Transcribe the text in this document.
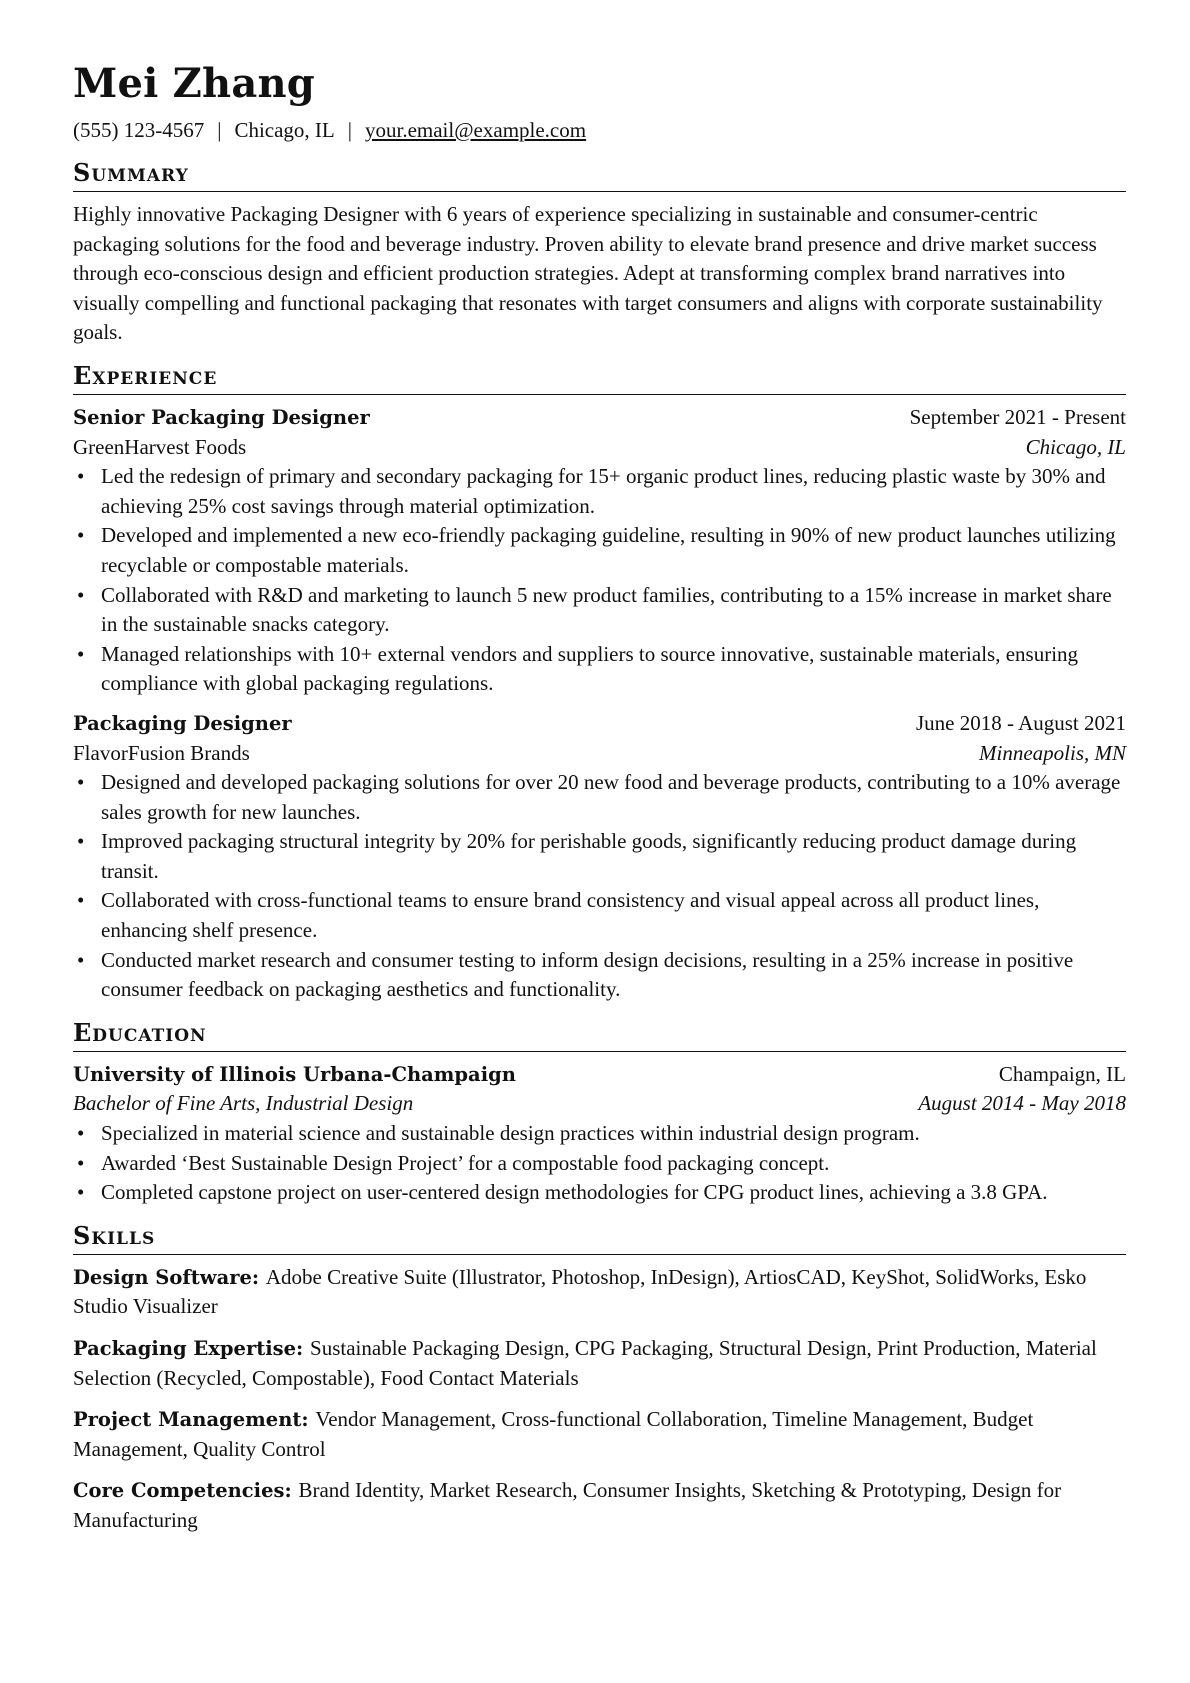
Mei Zhang
(555) 123-4567 | Chicago, IL | your.email@example.com
Summary
Highly innovative Packaging Designer with 6 years of experience specializing in sustainable and consumer-centric packaging solutions for the food and beverage industry. Proven ability to elevate brand presence and drive market success through eco-conscious design and efficient production strategies. Adept at transforming complex brand narratives into visually compelling and functional packaging that resonates with target consumers and aligns with corporate sustainability goals.
Experience
Senior Packaging Designer	September 2021 - Present
GreenHarvest Foods	Chicago, IL
• Led the redesign of primary and secondary packaging for 15+ organic product lines, reducing plastic waste by 30% and achieving 25% cost savings through material optimization.
• Developed and implemented a new eco-friendly packaging guideline, resulting in 90% of new product launches utilizing recyclable or compostable materials.
• Collaborated with R&D and marketing to launch 5 new product families, contributing to a 15% increase in market share in the sustainable snacks category.
• Managed relationships with 10+ external vendors and suppliers to source innovative, sustainable materials, ensuring compliance with global packaging regulations.
Packaging Designer	June 2018 - August 2021
FlavorFusion Brands	Minneapolis, MN
• Designed and developed packaging solutions for over 20 new food and beverage products, contributing to a 10% average sales growth for new launches.
• Improved packaging structural integrity by 20% for perishable goods, significantly reducing product damage during transit.
• Collaborated with cross-functional teams to ensure brand consistency and visual appeal across all product lines, enhancing shelf presence.
• Conducted market research and consumer testing to inform design decisions, resulting in a 25% increase in positive consumer feedback on packaging aesthetics and functionality.
Education
University of Illinois Urbana-Champaign	Champaign, IL
Bachelor of Fine Arts, Industrial Design	August 2014 - May 2018
• Specialized in material science and sustainable design practices within industrial design program.
• Awarded ‘Best Sustainable Design Project’ for a compostable food packaging concept.
• Completed capstone project on user-centered design methodologies for CPG product lines, achieving a 3.8 GPA.
Skills
Design Software: Adobe Creative Suite (Illustrator, Photoshop, InDesign), ArtiosCAD, KeyShot, SolidWorks, Esko Studio Visualizer
Packaging Expertise: Sustainable Packaging Design, CPG Packaging, Structural Design, Print Production, Material Selection (Recycled, Compostable), Food Contact Materials
Project Management: Vendor Management, Cross-functional Collaboration, Timeline Management, Budget Management, Quality Control
Core Competencies: Brand Identity, Market Research, Consumer Insights, Sketching & Prototyping, Design for Manufacturing
